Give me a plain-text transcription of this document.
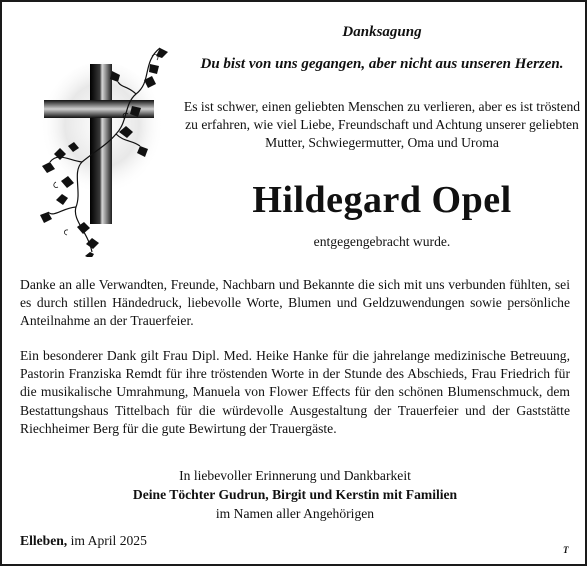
Danksagung
Du bist von uns gegangen, aber nicht aus unseren Herzen.
Es ist schwer, einen geliebten Menschen zu verlieren, aber es ist tröstend zu erfahren, wie viel Liebe, Freundschaft und Achtung unserer geliebten Mutter, Schwiegermutter, Oma und Uroma
Hildegard Opel
entgegengebracht wurde.
Danke an alle Verwandten, Freunde, Nachbarn und Bekannte die sich mit uns verbunden fühlten, sei es durch stillen Händedruck, liebevolle Worte, Blumen und Geldzuwendungen sowie persönliche Anteilnahme an der Trauerfeier.
Ein besonderer Dank gilt Frau Dipl. Med. Heike Hanke für die jahrelange medizinische Betreuung, Pastorin Franziska Remdt für ihre tröstenden Worte in der Stunde des Abschieds, Frau Friedrich für die musikalische Umrahmung, Manuela von Flower Effects für den schönen Blumenschmuck, dem Bestattungshaus Tittelbach für die würdevolle Ausgestaltung der Trauerfeier und der Gaststätte Riechheimer Berg für die gute Bewirtung der Trauergäste.
In liebevoller Erinnerung und Dankbarkeit
Deine Töchter Gudrun, Birgit und Kerstin mit Familien
im Namen aller Angehörigen
Elleben, im April 2025
T
